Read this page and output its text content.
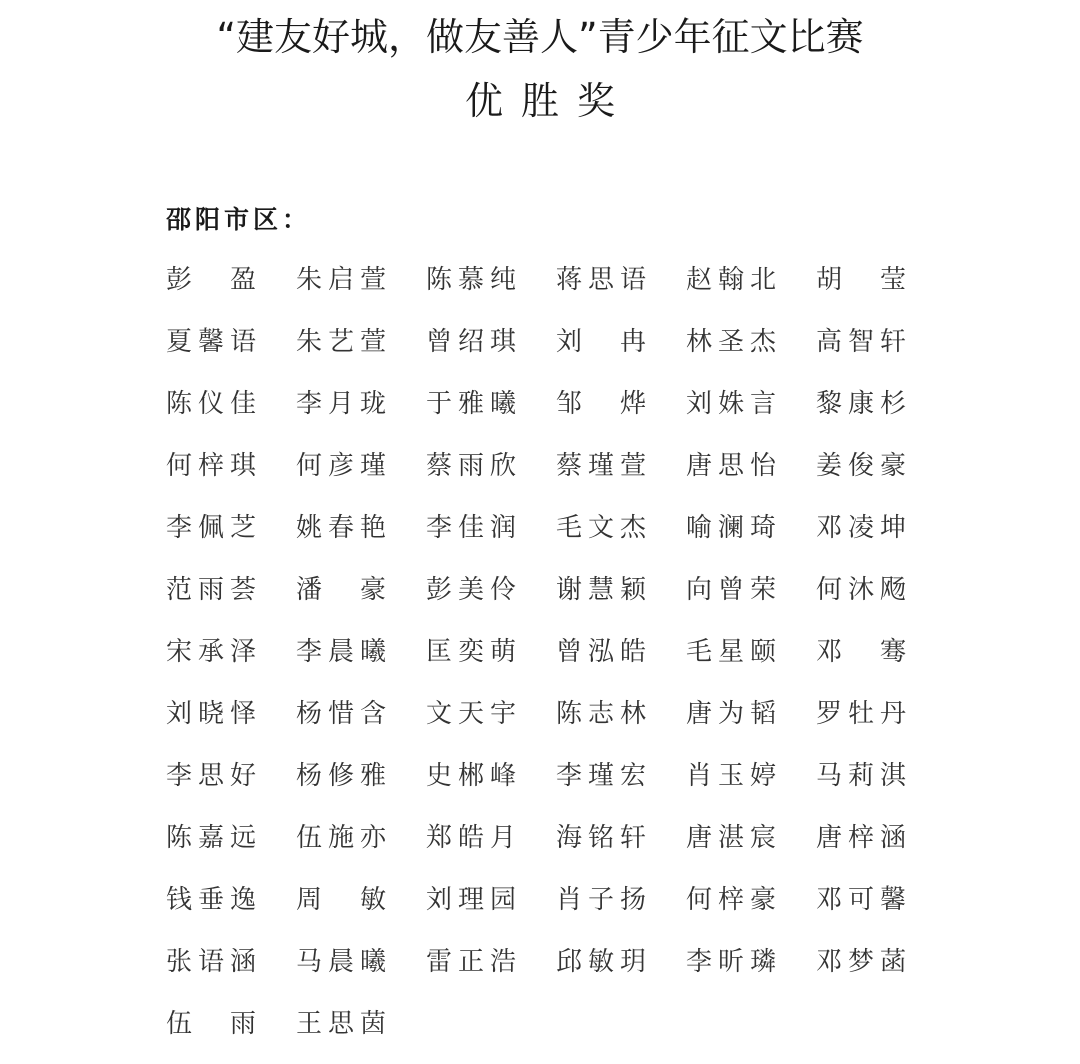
“建友好城，做友善人”青少年征文比赛
优胜奖
邵阳市区：
彭 盈 朱 启 萱 陈 慕 纯 蒋 思 语 赵 翰 北 胡 莹
夏 馨 语 朱 艺 萱 曾 绍 琪 刘 冉 林 圣 杰 高 智 轩
陈 仪 佳 李 月 珑 于 雅 曦 邹 烨 刘 姝 言 黎 康 杉
何 梓 琪 何 彦 瑾 蔡 雨 欣 蔡 瑾 萱 唐 思 怡 姜 俊 豪
李 佩 芝 姚 春 艳 李 佳 润 毛 文 杰 喻 澜 琦 邓 凌 坤
范 雨 荟 潘 豪 彭 美 伶 谢 慧 颖 向 曾 荣 何 沐 飏
宋 承 泽 李 晨 曦 匡 奕 萌 曾 泓 皓 毛 星 颐 邓 骞
刘 晓 怿 杨 惜 含 文 天 宇 陈 志 林 唐 为 韬 罗 牡 丹
李 思 好 杨 修 雅 史 郴 峰 李 瑾 宏 肖 玉 婷 马 莉 淇
陈 嘉 远 伍 施 亦 郑 皓 月 海 铭 轩 唐 湛 宸 唐 梓 涵
钱 垂 逸 周 敏 刘 理 园 肖 子 扬 何 梓 豪 邓 可 馨
张 语 涵 马 晨 曦 雷 正 浩 邱 敏 玥 李 昕 璘 邓 梦 菡
伍 雨 王 思 茵
